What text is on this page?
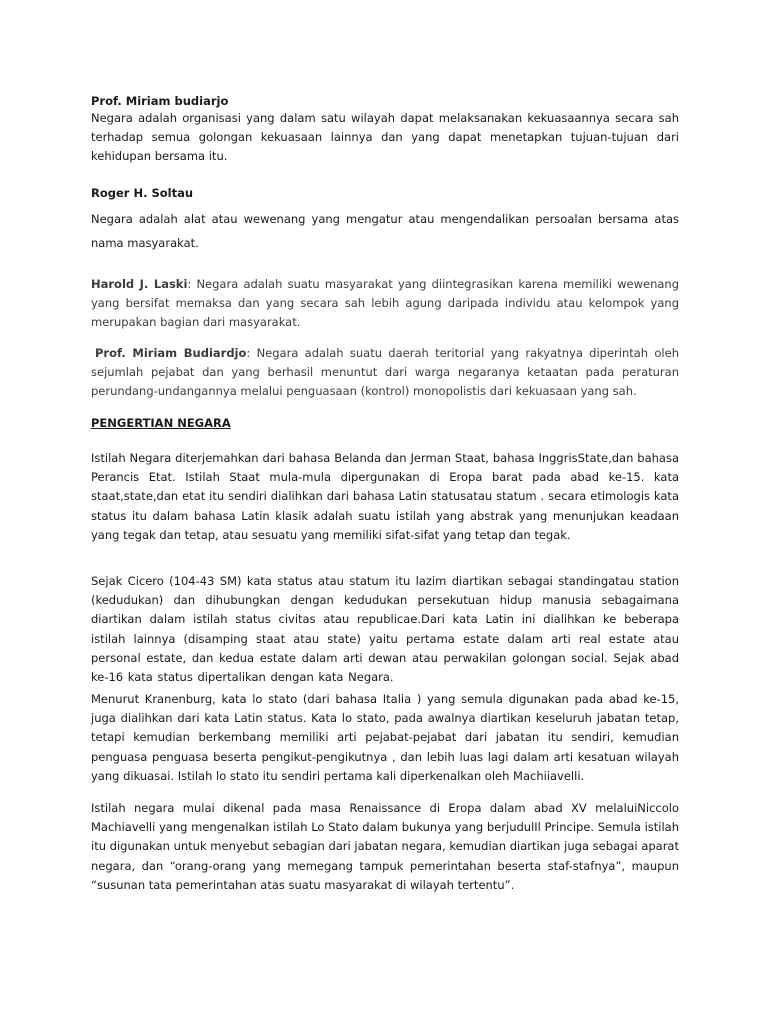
Prof. Miriam budiarjo

Negara adalah organisasi yang dalam satu wilayah dapat melaksanakan kekuasaannya secara sah terhadap semua golongan kekuasaan lainnya dan yang dapat menetapkan tujuan-tujuan dari kehidupan bersama itu.

Roger H. Soltau

Negara adalah alat atau wewenang yang mengatur atau mengendalikan persoalan bersama atas nama masyarakat.

Harold J. Laski: Negara adalah suatu masyarakat yang diintegrasikan karena memiliki wewenang yang bersifat memaksa dan yang secara sah lebih agung daripada individu atau kelompok yang merupakan bagian dari masyarakat.

Prof. Miriam Budiardjo: Negara adalah suatu daerah teritorial yang rakyatnya diperintah oleh sejumlah pejabat dan yang berhasil menuntut dari warga negaranya ketaatan pada peraturan perundang-undangannya melalui penguasaan (kontrol) monopolistis dari kekuasaan yang sah.

PENGERTIAN NEGARA

Istilah Negara diterjemahkan dari bahasa Belanda dan Jerman Staat, bahasa InggrisState,dan bahasa Perancis Etat. Istilah Staat mula-mula dipergunakan di Eropa barat pada abad ke-15. kata staat,state,dan etat itu sendiri dialihkan dari bahasa Latin statusatau statum . secara etimologis kata status itu dalam bahasa Latin klasik adalah suatu istilah yang abstrak yang menunjukan keadaan yang tegak dan tetap, atau sesuatu yang memiliki sifat-sifat yang tetap dan tegak.

Sejak Cicero (104-43 SM) kata status atau statum itu lazim diartikan sebagai standingatau station (kedudukan) dan dihubungkan dengan kedudukan persekutuan hidup manusia sebagaimana diartikan dalam istilah status civitas atau republicae.Dari kata Latin ini dialihkan ke beberapa istilah lainnya (disamping staat atau state) yaitu pertama estate dalam arti real estate atau personal estate, dan kedua estate dalam arti dewan atau perwakilan golongan social. Sejak abad ke-16 kata status dipertalikan dengan kata Negara.

Menurut Kranenburg, kata lo stato (dari bahasa Italia ) yang semula digunakan pada abad ke-15, juga dialihkan dari kata Latin status. Kata lo stato, pada awalnya diartikan keseluruh jabatan tetap, tetapi kemudian berkembang memiliki arti pejabat-pejabat dari jabatan itu sendiri, kemudian penguasa penguasa beserta pengikut-pengikutnya , dan lebih luas lagi dalam arti kesatuan wilayah yang dikuasai. Istilah lo stato itu sendiri pertama kali diperkenalkan oleh Machiiavelli.

Istilah negara mulai dikenal pada masa Renaissance di Eropa dalam abad XV melaluiNiccolo Machiavelli yang mengenalkan istilah Lo Stato dalam bukunya yang berjudulIl Principe. Semula istilah itu digunakan untuk menyebut sebagian dari jabatan negara, kemudian diartikan juga sebagai aparat negara, dan “orang-orang yang memegang tampuk pemerintahan beserta staf-stafnya”, maupun “susunan tata pemerintahan atas suatu masyarakat di wilayah tertentu”.
